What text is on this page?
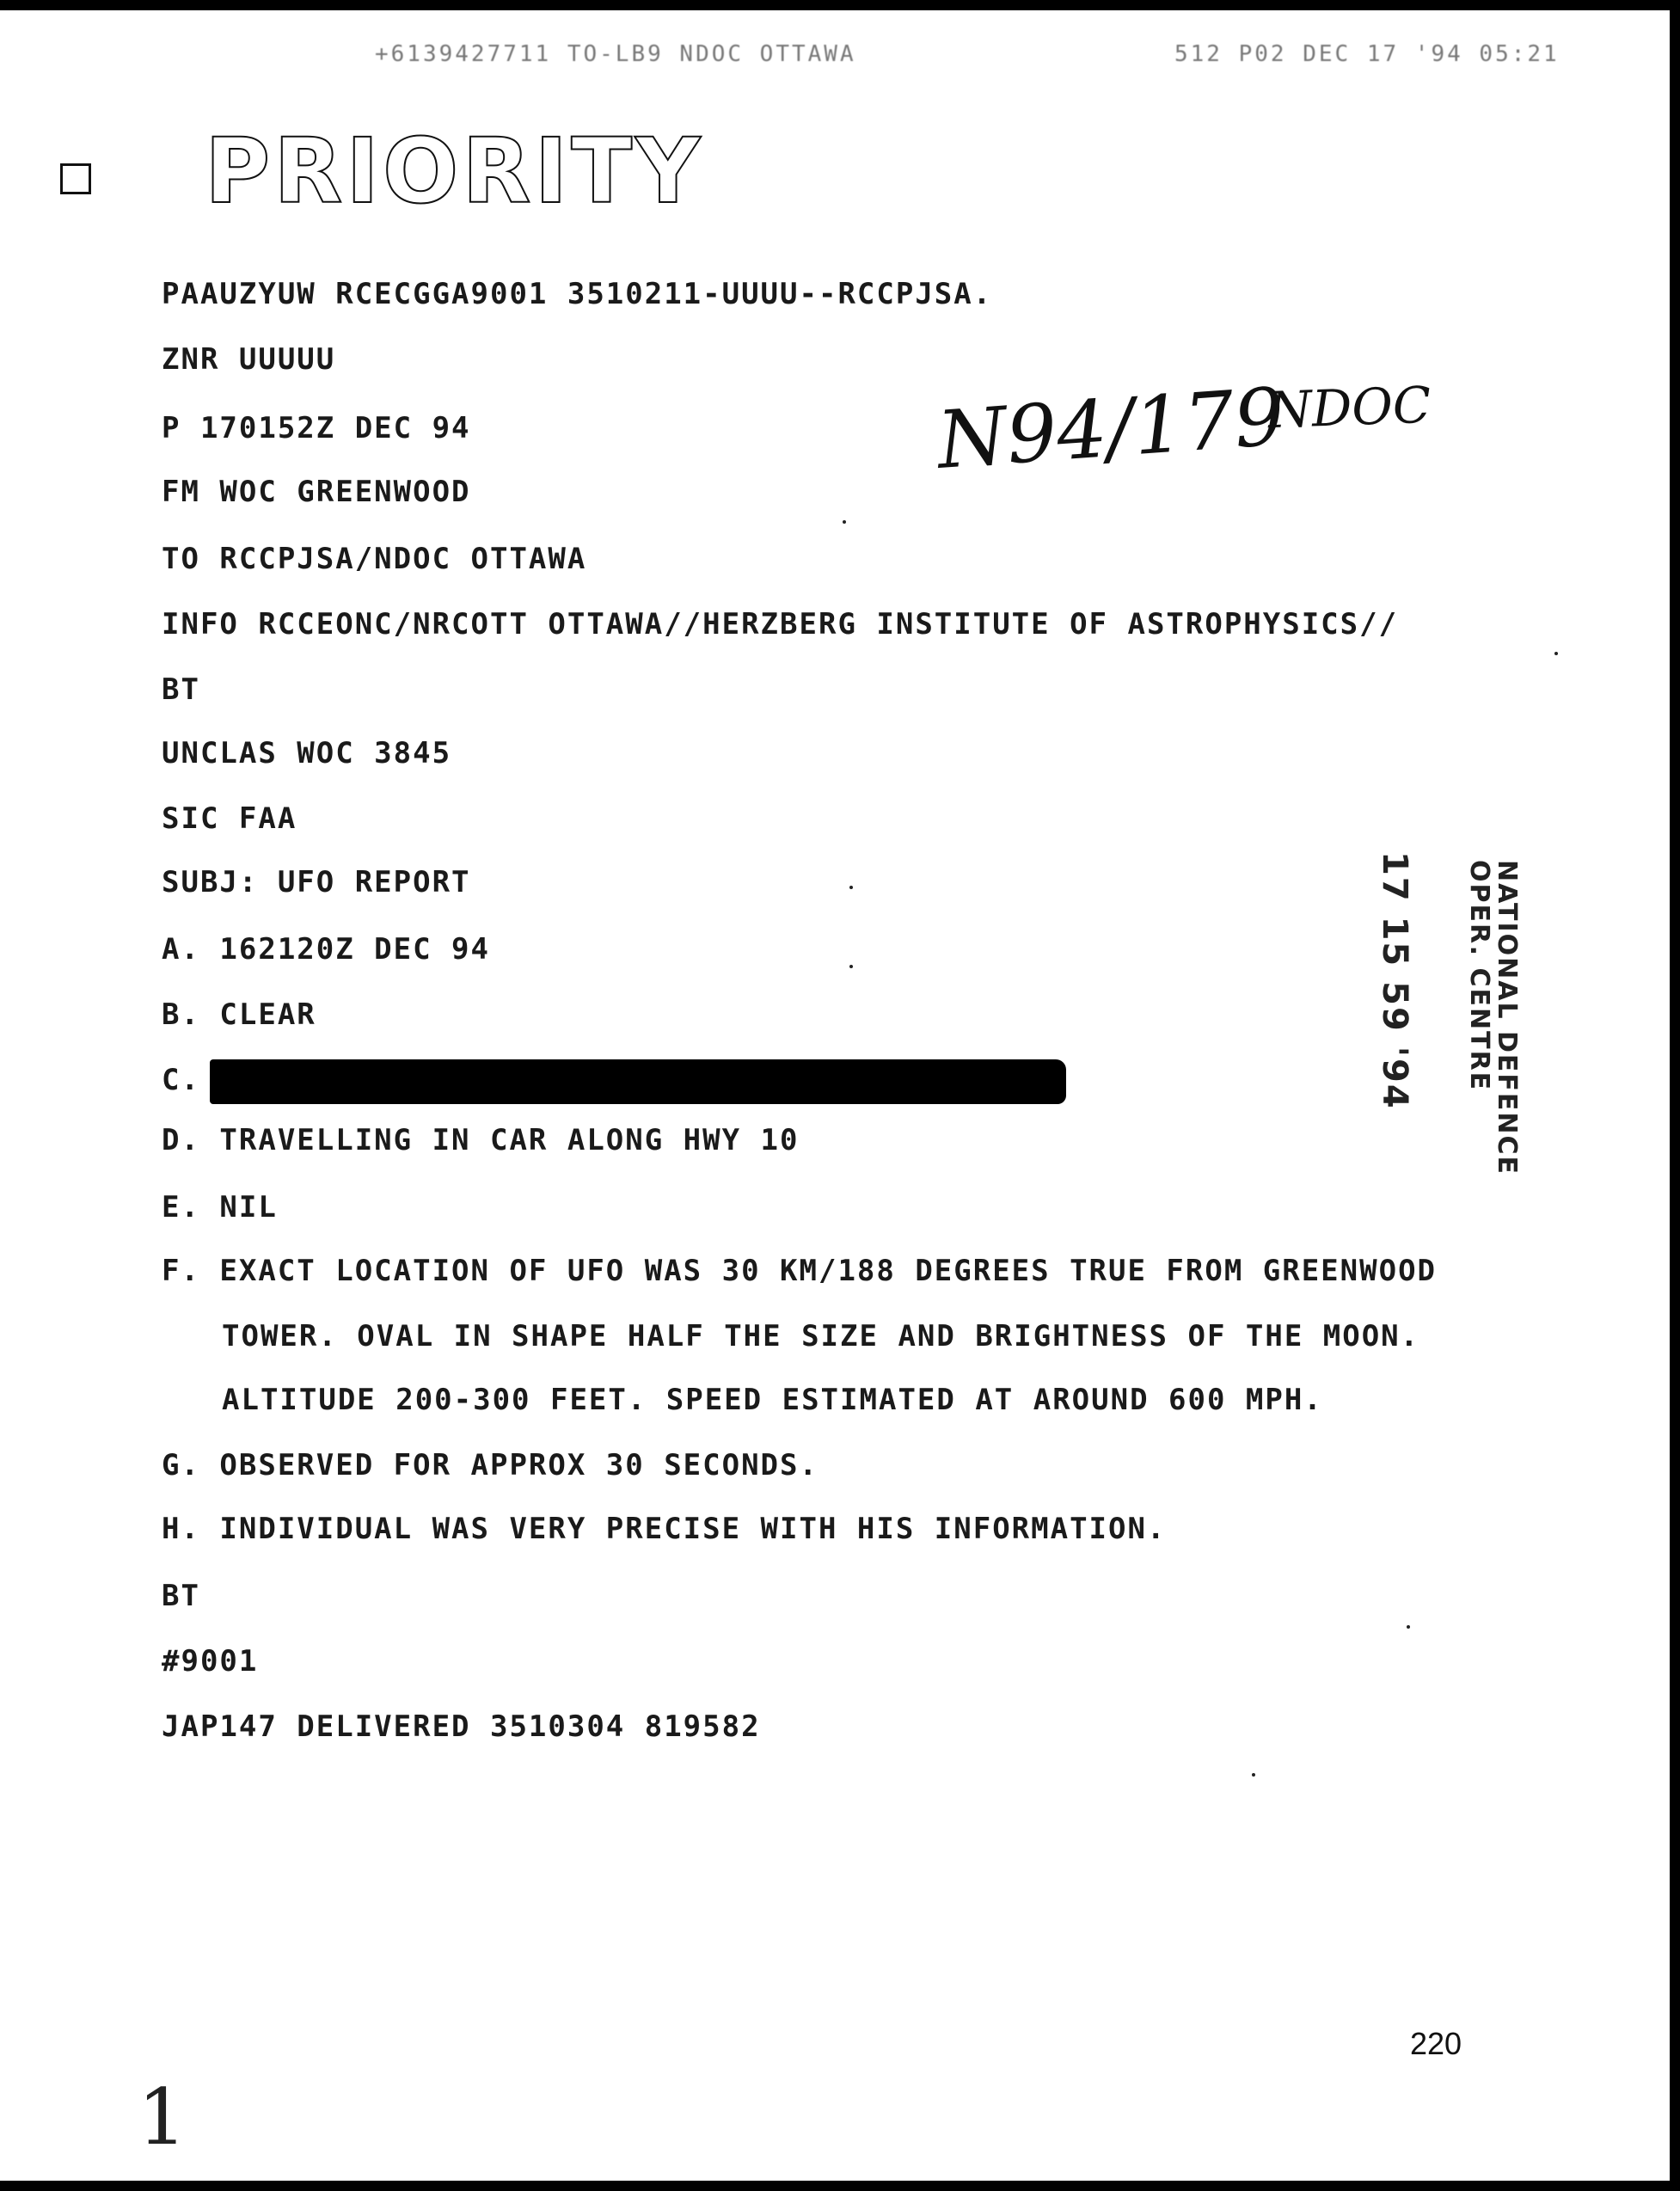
+6139427711 TO-LB9 NDOC OTTAWA	512 P02 DEC 17 '94 05:21
PRIORITY
N94/179
NDOC
PAAUZYUW RCECGGA9001 3510211-UUUU--RCCPJSA.
ZNR UUUUU
P 170152Z DEC 94
FM WOC GREENWOOD
TO RCCPJSA/NDOC OTTAWA
INFO RCCEONC/NRCOTT OTTAWA//HERZBERG INSTITUTE OF ASTROPHYSICS//
BT
UNCLAS WOC 3845
SIC FAA
SUBJ: UFO REPORT
A. 162120Z DEC 94
B. CLEAR
C.
D. TRAVELLING IN CAR ALONG HWY 10
E. NIL
F. EXACT LOCATION OF UFO WAS 30 KM/188 DEGREES TRUE FROM GREENWOOD
TOWER. OVAL IN SHAPE HALF THE SIZE AND BRIGHTNESS OF THE MOON.
ALTITUDE 200-300 FEET. SPEED ESTIMATED AT AROUND 600 MPH.
G. OBSERVED FOR APPROX 30 SECONDS.
H. INDIVIDUAL WAS VERY PRECISE WITH HIS INFORMATION.
BT
#9001
JAP147 DELIVERED 3510304 819582
NATIONAL DEFENCE
OPER. CENTRE
17 15 59 '94
220
1
